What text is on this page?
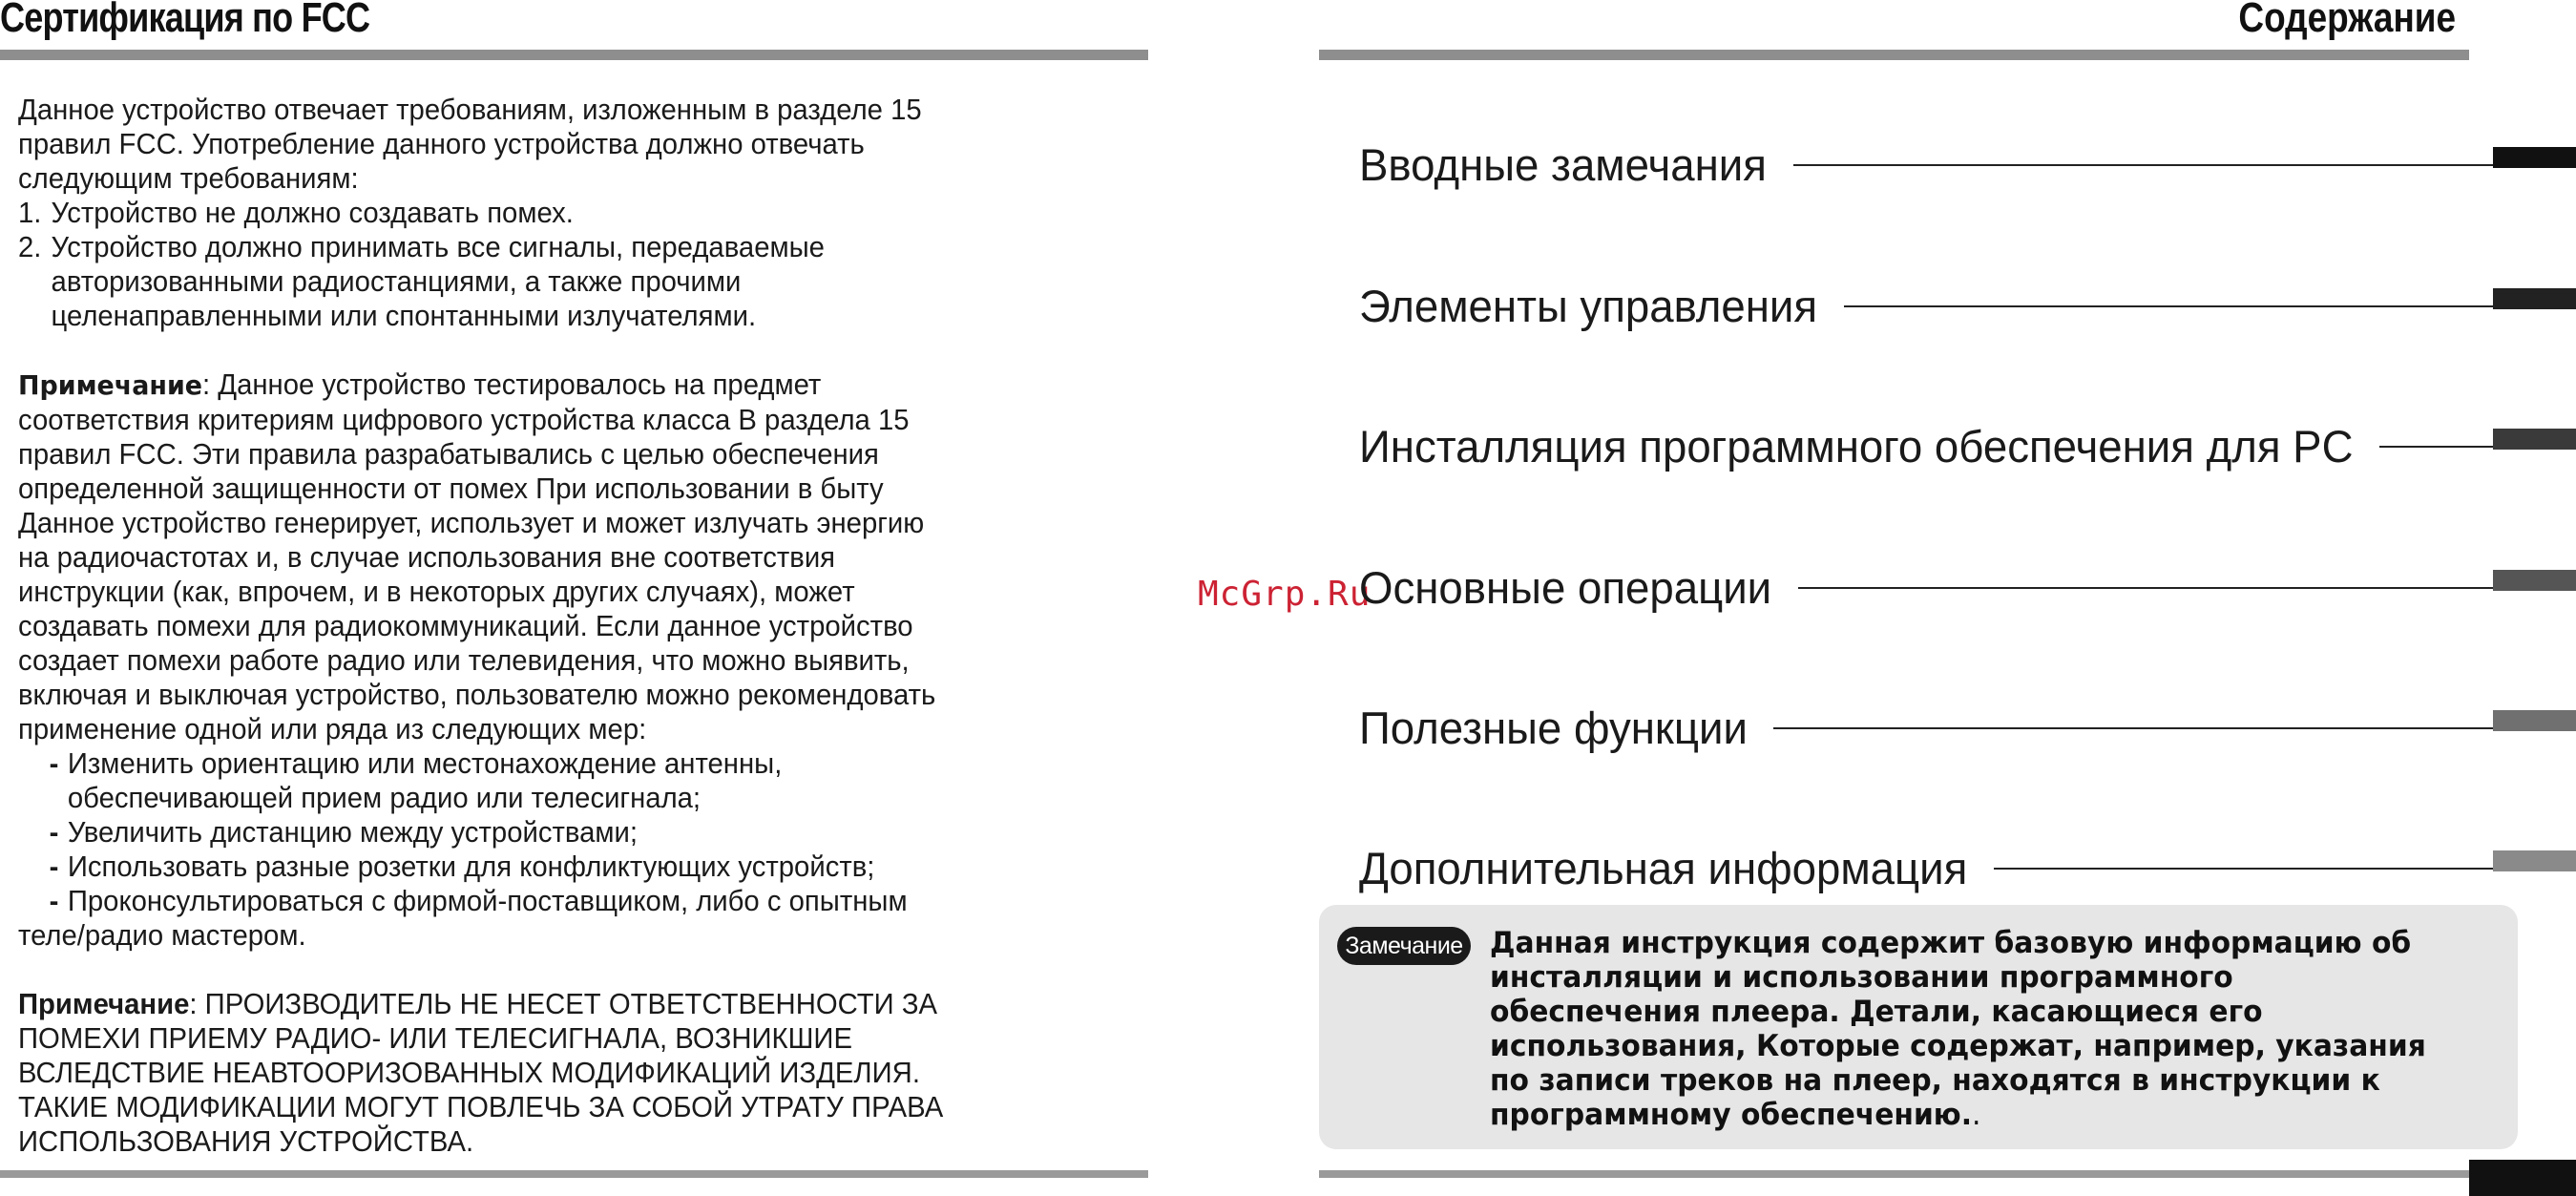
Сертификация по FCC

Данное устройство отвечает требованиям, изложенным в разделе 15

правил FCC. Употребление данного устройства должно отвечать

следующим требованиям:

1. Устройство не должно создавать помех.
2. Устройство должно принимать все сигналы, передаваемые

авторизованными радиостанциями, а также прочими

целенаправленными или спонтанными излучателями.

Примечание: Данное устройство тестировалось на предмет

соответствия критериям цифрового устройства класса B раздела 15

правил FCC. Эти правила разрабатывались с целью обеспечения

определенной защищенности от помех При использовании в быту

Данное устройство генерирует, использует и может излучать энергию

на радиочастотах и, в случае использования вне соответствия

инструкции (как, впрочем, и в некоторых других случаях), может

создавать помехи для радиокоммуникаций. Если данное устройство

создает помехи работе радио или телевидения, что можно выявить,

включая и выключая устройство, пользователю можно рекомендовать

применение одной или ряда из следующих мер:

- Изменить ориентацию или местонахождение антенны,

обеспечивающей прием радио или телесигнала;

- Увеличить дистанцию между устройствами;
- Использовать разные розетки для конфликтующих устройств;
- Проконсультироваться с фирмой-поставщиком, либо с опытным

теле/радио мастером.

Примечание: ПРОИЗВОДИТЕЛЬ НЕ НЕСЕТ ОТВЕТСТВЕННОСТИ ЗА

ПОМЕХИ ПРИЕМУ РАДИО- ИЛИ ТЕЛЕСИГНАЛА, ВОЗНИКШИЕ

ВСЛЕДСТВИЕ НЕАВТООРИЗОВАННЫХ МОДИФИКАЦИЙ ИЗДЕЛИЯ.

ТАКИЕ МОДИФИКАЦИИ МОГУТ ПОВЛЕЧЬ ЗА СОБОЙ УТРАТУ ПРАВА

ИСПОЛЬЗОВАНИЯ УСТРОЙСТВА.

McGrp.Ru
Содержание
Вводные замечания
Элементы управления
Инсталляция программного обеспечения для PC
Основные операции
Полезные функции
Дополнительная информация
Замечание Данная инструкция содержит базовую информацию об
инсталляции и использовании программного
обеспечения плеера. Детали, касающиеся его
использования, Которые содержат, например, указания
по записи треков на плеер, находятся в инструкции к
программному обеспечению..
